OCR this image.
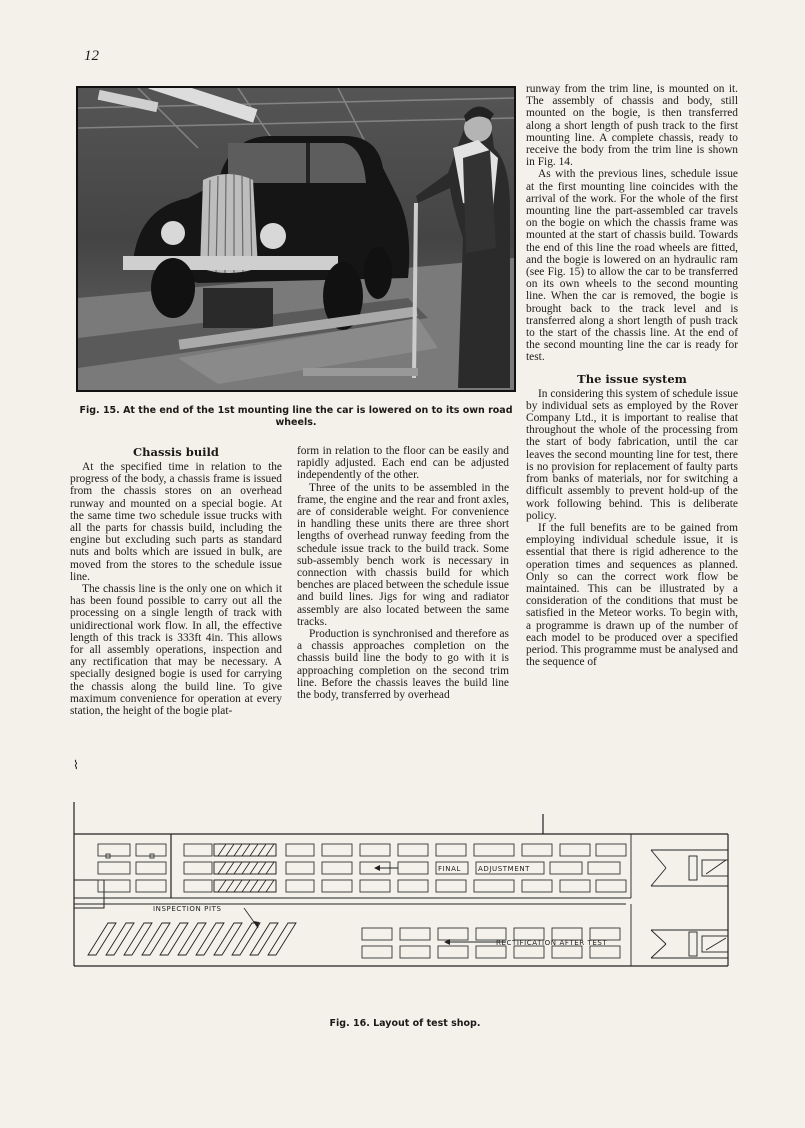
12
Fig. 15. At the end of the 1st mounting line the car is lowered on to its own road wheels.
Chassis build

At the specified time in relation to the progress of the body, a chassis frame is issued from the chassis stores on an overhead runway and mounted on a special bogie. At the same time two schedule issue trucks with all the parts for chassis build, including the engine but excluding such parts as standard nuts and bolts which are issued in bulk, are moved from the stores to the schedule issue line.

The chassis line is the only one on which it has been found possible to carry out all the processing on a single length of track with unidirectional work flow. In all, the effective length of this track is 333ft 4in. This allows for all assembly operations, inspection and any rectification that may be necessary. A specially designed bogie is used for carrying the chassis along the build line. To give maximum convenience for operation at every station, the height of the bogie plat-

form in relation to the floor can be easily and rapidly adjusted. Each end can be adjusted independently of the other.

Three of the units to be assembled in the frame, the engine and the rear and front axles, are of considerable weight. For convenience in handling these units there are three short lengths of overhead runway feeding from the schedule issue track to the build track. Some sub-assembly bench work is necessary in connection with chassis build for which benches are placed between the schedule issue and build lines. Jigs for wing and radiator assembly are also located between the same tracks.

Production is synchronised and therefore as a chassis approaches completion on the chassis build line the body to go with it is approaching completion on the second trim line. Before the chassis leaves the build line the body, transferred by overhead

runway from the trim line, is mounted on it. The assembly of chassis and body, still mounted on the bogie, is then transferred along a short length of push track to the first mounting line. A complete chassis, ready to receive the body from the trim line is shown in Fig. 14.

As with the previous lines, schedule issue at the first mounting line coincides with the arrival of the work. For the whole of the first mounting line the part-assembled car travels on the bogie on which the chassis frame was mounted at the start of chassis build. Towards the end of this line the road wheels are fitted, and the bogie is lowered on an hydraulic ram (see Fig. 15) to allow the car to be transferred on its own wheels to the second mounting line. When the car is removed, the bogie is brought back to the track level and is transferred along a short length of push track to the start of the chassis line. At the end of the second mounting line the car is ready for test.

The issue system

In considering this system of schedule issue by individual sets as employed by the Rover Company Ltd., it is important to realise that throughout the whole of the processing from the start of body fabrication, until the car leaves the second mounting line for test, there is no provision for replacement of faulty parts from banks of materials, nor for switching a difficult assembly to prevent hold-up of the work following behind. This is deliberate policy.

If the full benefits are to be gained from employing individual schedule issue, it is essential that there is rigid adherence to the operation times and sequences as planned. Only so can the correct work flow be maintained. This can be illustrated by a consideration of the conditions that must be satisfied in the Meteor works. To begin with, a programme is drawn up of the number of each model to be produced over a specified period. This programme must be analysed and the sequence of

⌇
FINAL ADJUSTMENT
INSPECTION PITS
RECTIFICATION AFTER TEST
Fig. 16. Layout of test shop.
